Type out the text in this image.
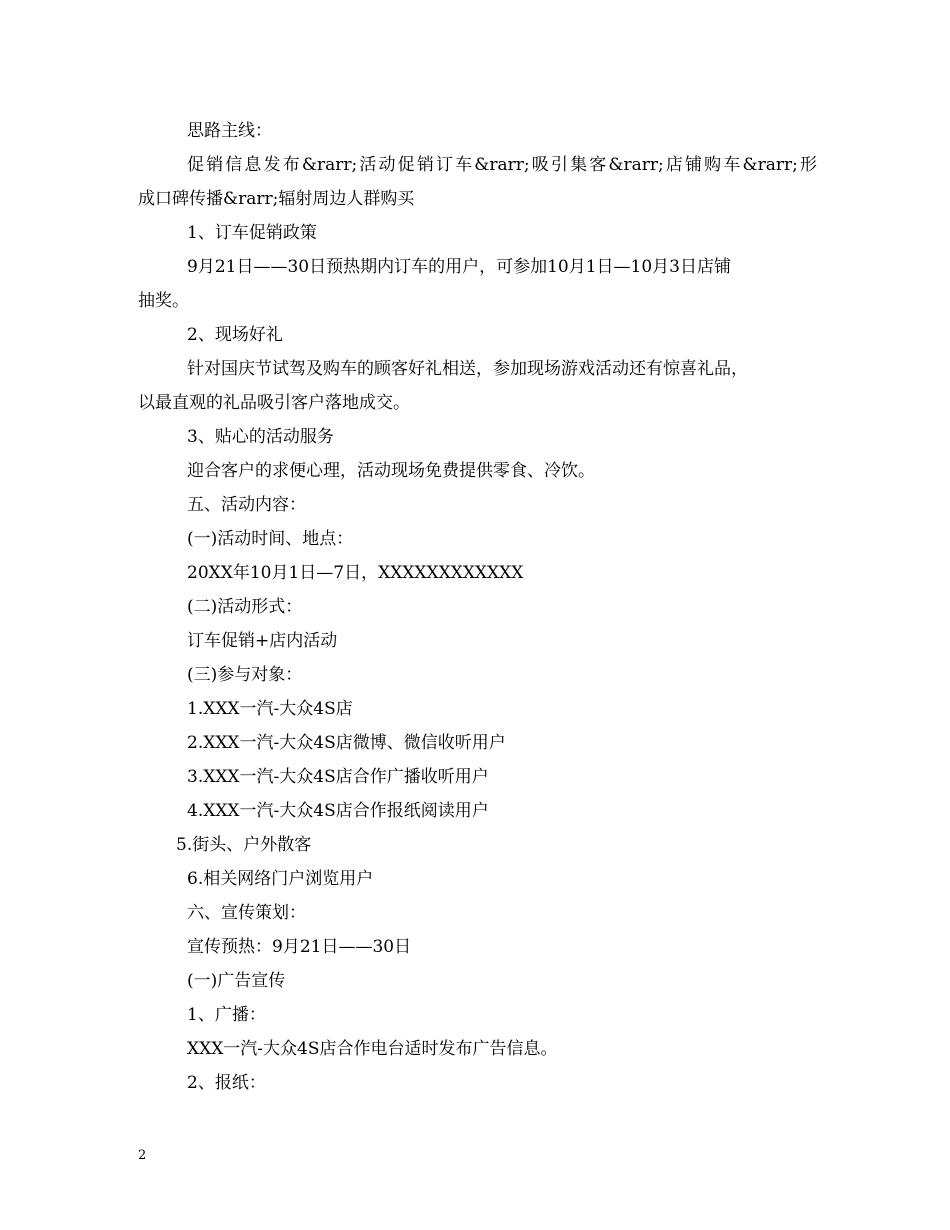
思路主线：
促销信息发布&rarr;活动促销订车&rarr;吸引集客&rarr;店铺购车&rarr;形
成口碑传播&rarr;辐射周边人群购买
1、订车促销政策
9月21日——30日预热期内订车的用户，可参加10月1日—10月3日店铺
抽奖。
2、现场好礼
针对国庆节试驾及购车的顾客好礼相送，参加现场游戏活动还有惊喜礼品，
以最直观的礼品吸引客户落地成交。
3、贴心的活动服务
迎合客户的求便心理，活动现场免费提供零食、冷饮。
五、活动内容：
(一)活动时间、地点：
20XX年10月1日—7日，XXXXXXXXXXXX
(二)活动形式：
订车促销+店内活动
(三)参与对象：
1.XXX一汽-大众4S店
2.XXX一汽-大众4S店微博、微信收听用户
3.XXX一汽-大众4S店合作广播收听用户
4.XXX一汽-大众4S店合作报纸阅读用户
5.街头、户外散客
6.相关网络门户浏览用户
六、宣传策划：
宣传预热：9月21日——30日
(一)广告宣传
1、广播：
XXX一汽-大众4S店合作电台适时发布广告信息。
2、报纸：
2
